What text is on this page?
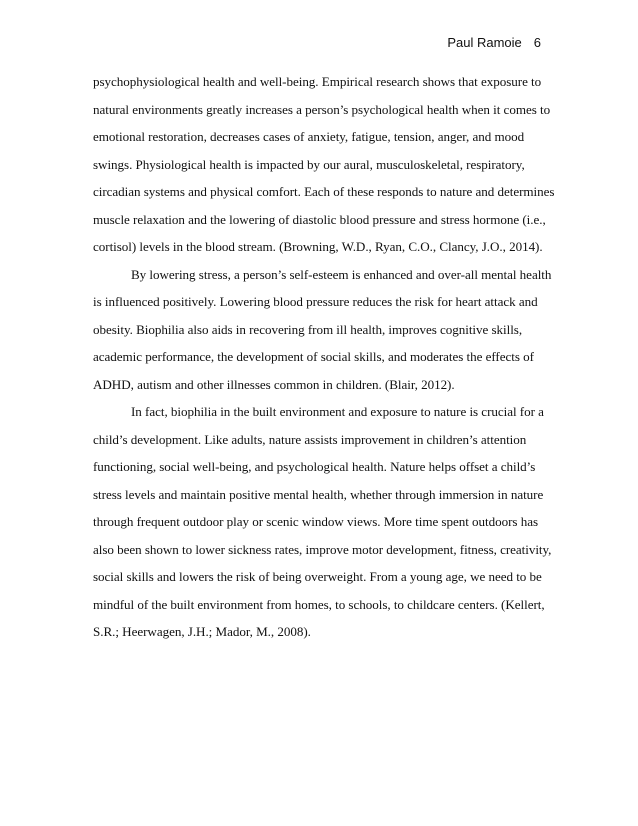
Paul Ramoie 6
psychophysiological health and well-being. Empirical research shows that exposure to
natural environments greatly increases a person’s psychological health when it comes to
emotional restoration, decreases cases of anxiety, fatigue, tension, anger, and mood
swings. Physiological health is impacted by our aural, musculoskeletal, respiratory,
circadian systems and physical comfort. Each of these responds to nature and determines
muscle relaxation and the lowering of diastolic blood pressure and stress hormone (i.e.,
cortisol) levels in the blood stream. (Browning, W.D., Ryan, C.O., Clancy, J.O., 2014).
By lowering stress, a person’s self-esteem is enhanced and over-all mental health
is influenced positively. Lowering blood pressure reduces the risk for heart attack and
obesity. Biophilia also aids in recovering from ill health, improves cognitive skills,
academic performance, the development of social skills, and moderates the effects of
ADHD, autism and other illnesses common in children. (Blair, 2012).
In fact, biophilia in the built environment and exposure to nature is crucial for a
child’s development. Like adults, nature assists improvement in children’s attention
functioning, social well-being, and psychological health. Nature helps offset a child’s
stress levels and maintain positive mental health, whether through immersion in nature
through frequent outdoor play or scenic window views. More time spent outdoors has
also been shown to lower sickness rates, improve motor development, fitness, creativity,
social skills and lowers the risk of being overweight. From a young age, we need to be
mindful of the built environment from homes, to schools, to childcare centers. (Kellert,
S.R.; Heerwagen, J.H.; Mador, M., 2008).
